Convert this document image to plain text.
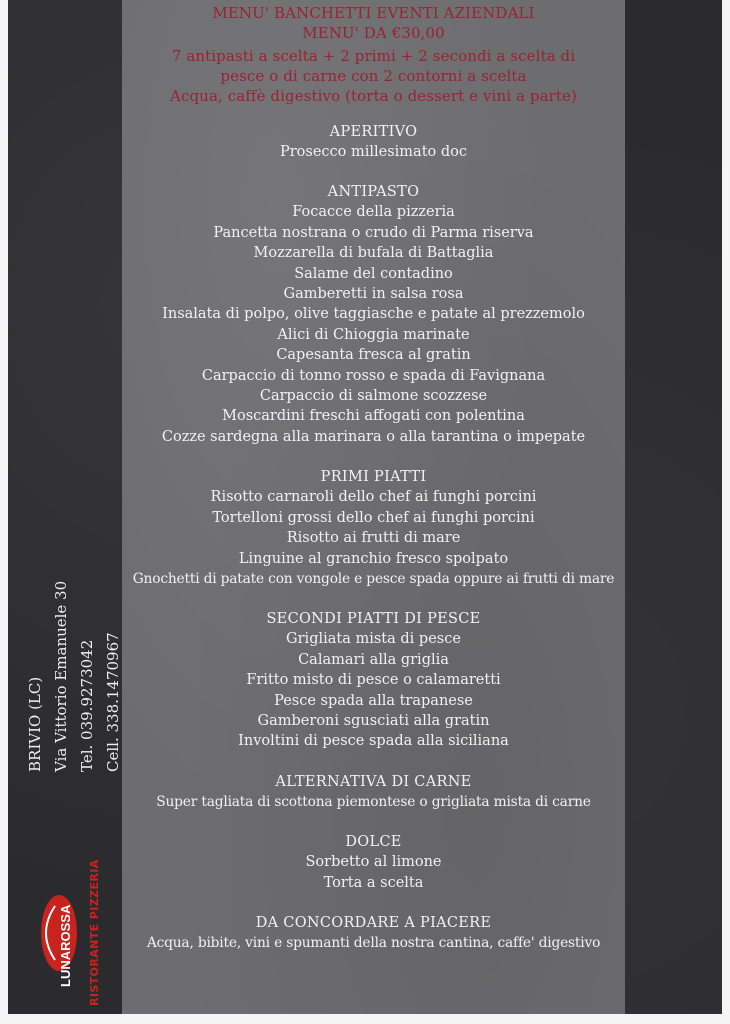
MENU' BANCHETTI EVENTI AZIENDALI
MENU' DA €30,00
7 antipasti a scelta + 2 primi + 2 secondi a scelta di
pesce o di carne con 2 contorni a scelta
Acqua, caffè digestivo (torta o dessert e vini a parte)
APERITIVO
Prosecco millesimato doc
ANTIPASTO
Focacce della pizzeria
Pancetta nostrana o crudo di Parma riserva
Mozzarella di bufala di Battaglia
Salame del contadino
Gamberetti in salsa rosa
Insalata di polpo, olive taggiasche e patate al prezzemolo
Alici di Chioggia marinate
Capesanta fresca al gratin
Carpaccio di tonno rosso e spada di Favignana
Carpaccio di salmone scozzese
Moscardini freschi affogati con polentina
Cozze sardegna alla marinara o alla tarantina o impepate
PRIMI PIATTI
Risotto carnaroli dello chef ai funghi porcini
Tortelloni grossi dello chef ai funghi porcini
Risotto ai frutti di mare
Linguine al granchio fresco spolpato
Gnochetti di patate con vongole e pesce spada oppure ai frutti di mare
SECONDI PIATTI DI PESCE
Grigliata mista di pesce
Calamari alla griglia
Fritto misto di pesce o calamaretti
Pesce spada alla trapanese
Gamberoni sgusciati alla gratin
Involtini di pesce spada alla siciliana
ALTERNATIVA DI CARNE
Super tagliata di scottona piemontese o grigliata mista di carne
DOLCE
Sorbetto al limone
Torta a scelta
DA CONCORDARE A PIACERE
Acqua, bibite, vini e spumanti della nostra cantina, caffe' digestivo
BRIVIO (LC) Via Vittorio Emanuele 30 Tel. 039.9273042 Cell. 338.1470967
LUNAROSSA RISTORANTE PIZZERIA
